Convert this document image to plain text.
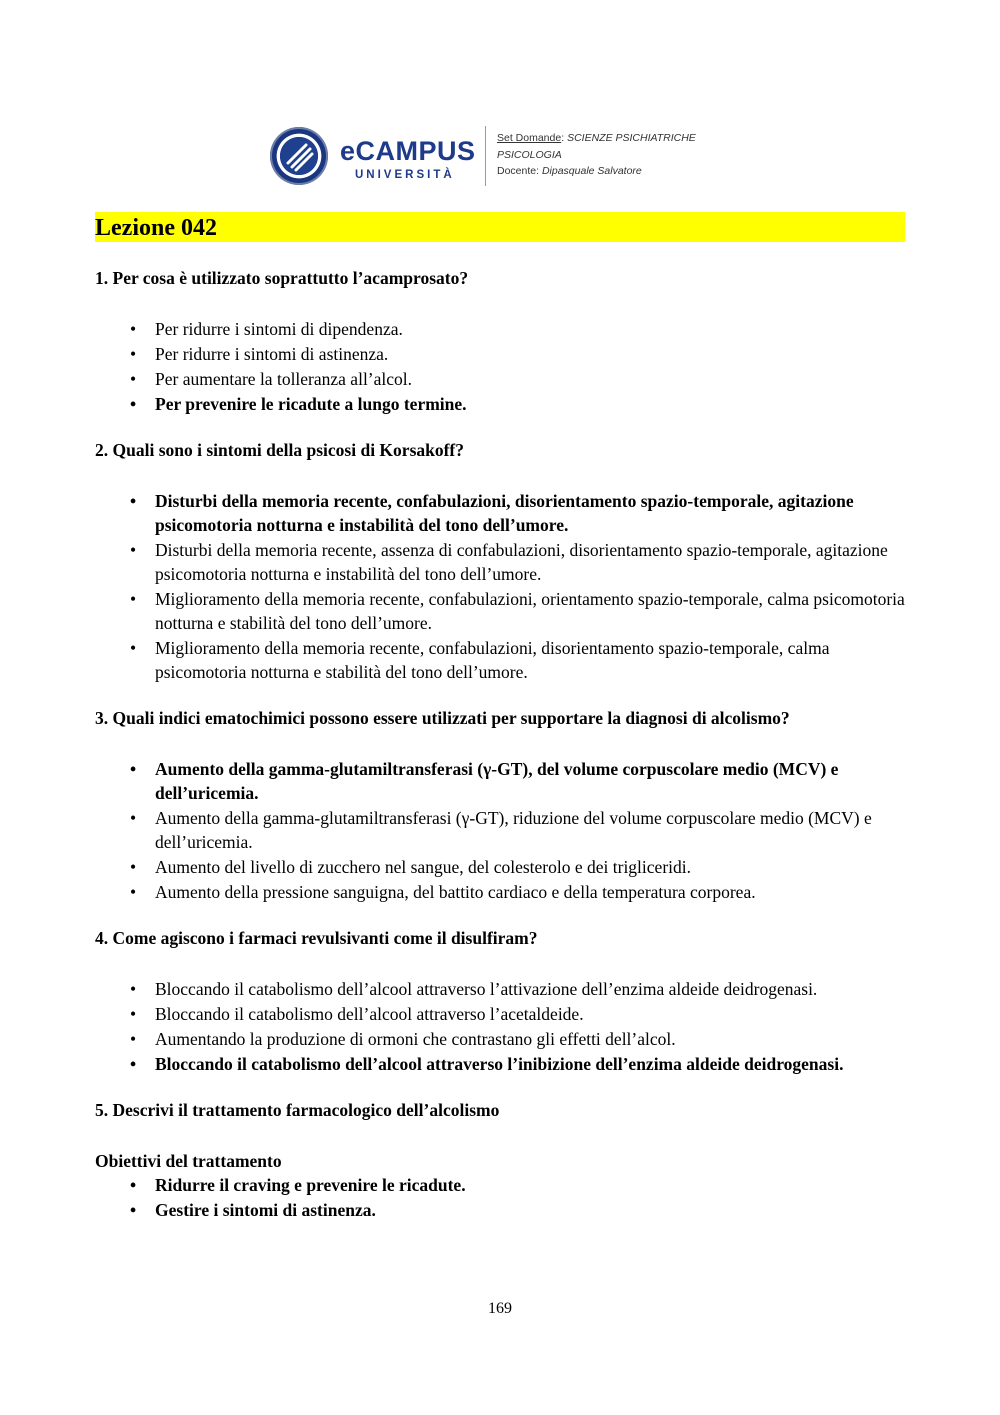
eCAMPUS
UNIVERSITÀ
Set Domande: SCIENZE PSICHIATRICHE
PSICOLOGIA
Docente: Dipasquale Salvatore
Lezione 042
1. Per cosa è utilizzato soprattutto l’acamprosato?
• Per ridurre i sintomi di dipendenza.
• Per ridurre i sintomi di astinenza.
• Per aumentare la tolleranza all’alcol.
• Per prevenire le ricadute a lungo termine.
2. Quali sono i sintomi della psicosi di Korsakoff?
• Disturbi della memoria recente, confabulazioni, disorientamento spazio-temporale, agitazione psicomotoria notturna e instabilità del tono dell’umore.
• Disturbi della memoria recente, assenza di confabulazioni, disorientamento spazio-temporale, agitazione psicomotoria notturna e instabilità del tono dell’umore.
• Miglioramento della memoria recente, confabulazioni, orientamento spazio-temporale, calma psicomotoria notturna e stabilità del tono dell’umore.
• Miglioramento della memoria recente, confabulazioni, disorientamento spazio-temporale, calma psicomotoria notturna e stabilità del tono dell’umore.
3. Quali indici ematochimici possono essere utilizzati per supportare la diagnosi di alcolismo?
• Aumento della gamma-glutamiltransferasi (γ-GT), del volume corpuscolare medio (MCV) e dell’uricemia.
• Aumento della gamma-glutamiltransferasi (γ-GT), riduzione del volume corpuscolare medio (MCV) e dell’uricemia.
• Aumento del livello di zucchero nel sangue, del colesterolo e dei trigliceridi.
• Aumento della pressione sanguigna, del battito cardiaco e della temperatura corporea.
4. Come agiscono i farmaci revulsivanti come il disulfiram?
• Bloccando il catabolismo dell’alcool attraverso l’attivazione dell’enzima aldeide deidrogenasi.
• Bloccando il catabolismo dell’alcool attraverso l’acetaldeide.
• Aumentando la produzione di ormoni che contrastano gli effetti dell’alcol.
• Bloccando il catabolismo dell’alcool attraverso l’inibizione dell’enzima aldeide deidrogenasi.
5. Descrivi il trattamento farmacologico dell’alcolismo
Obiettivi del trattamento
• Ridurre il craving e prevenire le ricadute.
• Gestire i sintomi di astinenza.
169
